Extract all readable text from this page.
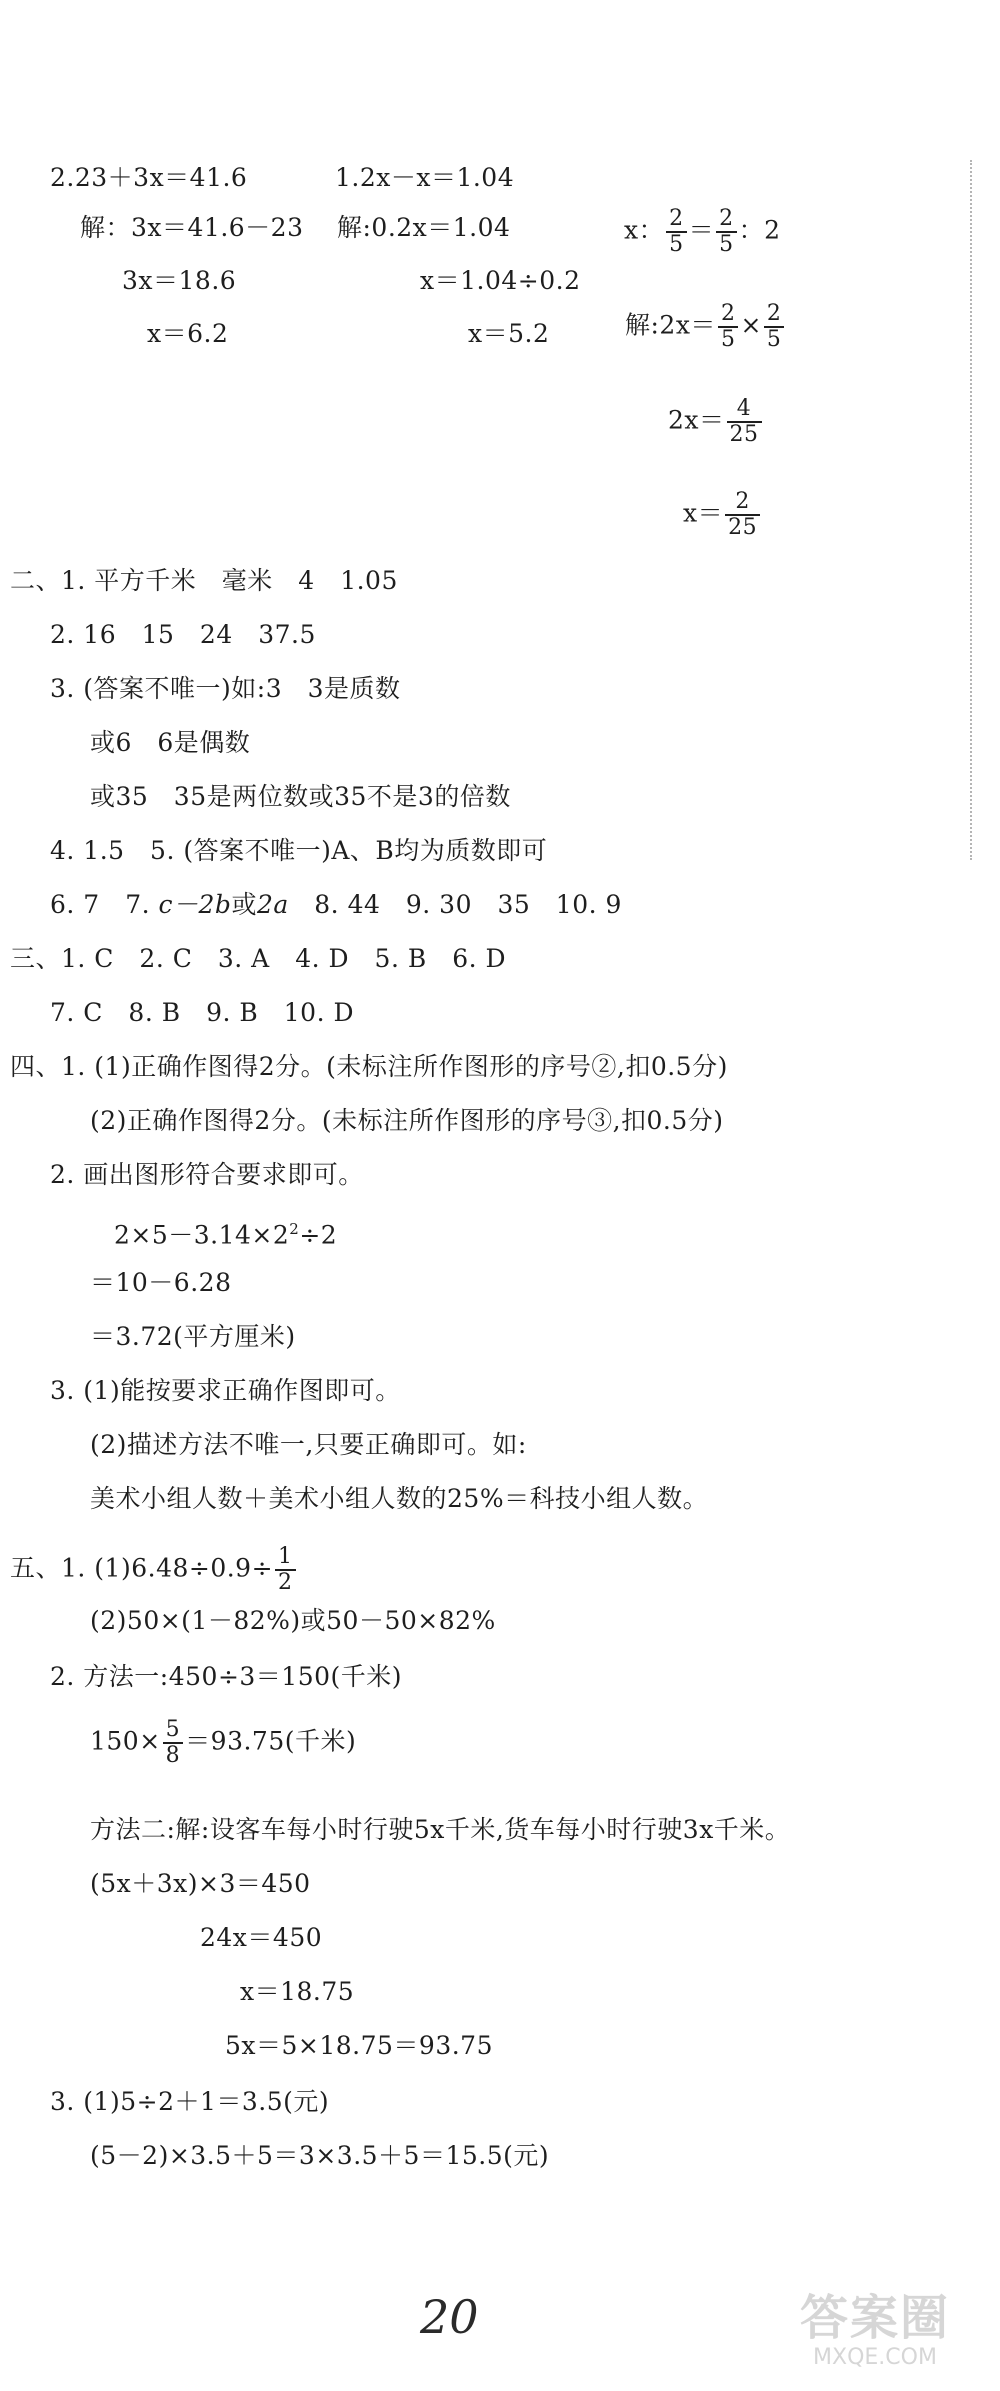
2.23＋3x＝41.6
解：3x＝41.6－23
3x＝18.6
x＝6.2
1.2x－x＝1.04
解:0.2x＝1.04
x＝1.04÷0.2
x＝5.2
x： $\frac{2}{5} = \frac{2}{5}$ ：2
解:2x＝ $\frac{2}{5} \times \frac{2}{5}$
$2x= \frac{4}{25}$
$x= \frac{2}{25}$
二、1. 平方千米　毫米　4　1.05
2. 16　15　24　37.5
3. (答案不唯一)如:3　3是质数
或6　6是偶数
或35　35是两位数或35不是3的倍数
4. 1.5　5. (答案不唯一)A、B均为质数即可
6. 7　7. c－2b或2a　8. 44　9. 30　35　10. 9
三、1. C　2. C　3. A　4. D　5. B　6. D
7. C　8. B　9. B　10. D
四、1. (1)正确作图得2分。(未标注所作图形的序号②,扣0.5分)
(2)正确作图得2分。(未标注所作图形的序号③,扣0.5分)
2. 画出图形符合要求即可。
$2\times 5-3.14\times 2^2\div 2$
＝10－6.28
＝3.72(平方厘米)
3. (1)能按要求正确作图即可。
(2)描述方法不唯一,只要正确即可。如:
美术小组人数＋美术小组人数的25%＝科技小组人数。
五、1. $(1)6.48\div 0.9\div \frac{1}{2}$
(2)50×(1－82%)或50－50×82%
2. 方法一:450÷3＝150(千米)
$150\times \frac{5}{8} =93.75$(千米)
方法二:解:设客车每小时行驶5x千米,货车每小时行驶3x千米。
(5x＋3x)×3＝450
24x＝450
x＝18.75
5x＝5×18.75＝93.75
3. (1)5÷2＋1＝3.5(元)
(5－2)×3.5＋5＝3×3.5＋5＝15.5(元)
20	答案圈
MXQE.COM
